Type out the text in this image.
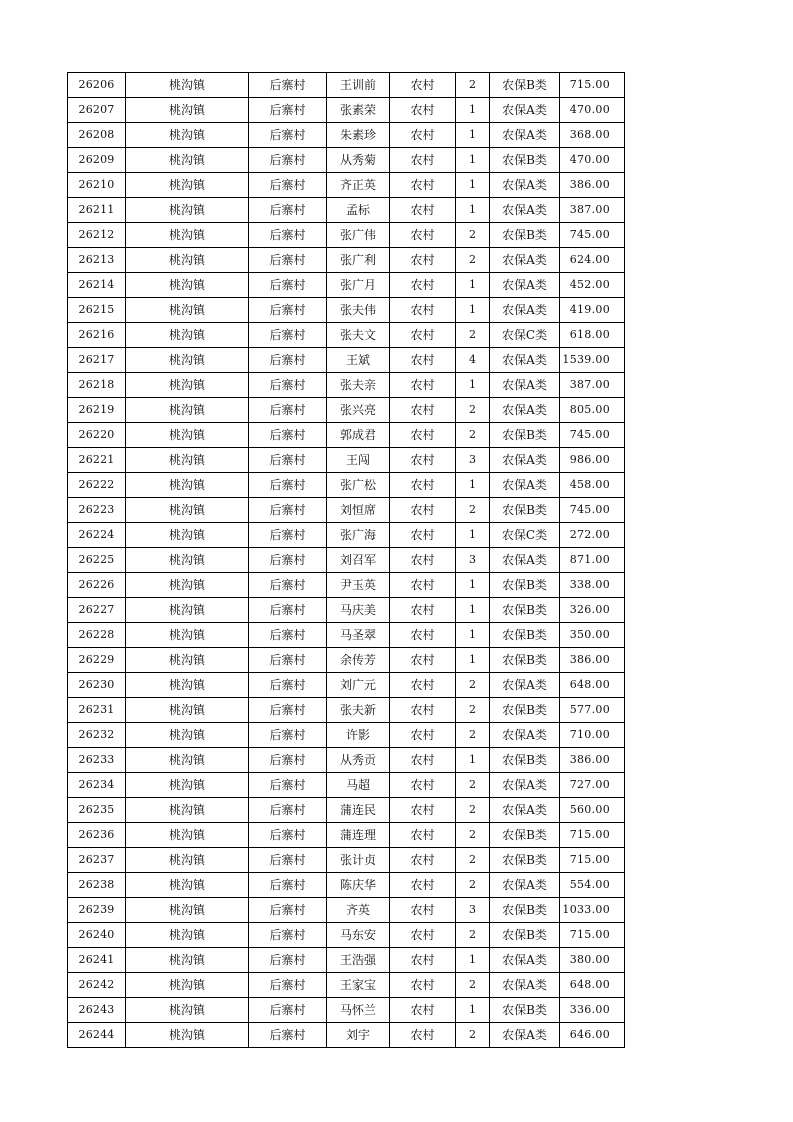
26206	桃沟镇	后寨村	王训前	农村	2	农保B类	715.00
26207	桃沟镇	后寨村	张素荣	农村	1	农保A类	470.00
26208	桃沟镇	后寨村	朱素珍	农村	1	农保A类	368.00
26209	桃沟镇	后寨村	从秀菊	农村	1	农保B类	470.00
26210	桃沟镇	后寨村	齐正英	农村	1	农保A类	386.00
26211	桃沟镇	后寨村	孟标	农村	1	农保A类	387.00
26212	桃沟镇	后寨村	张广伟	农村	2	农保B类	745.00
26213	桃沟镇	后寨村	张广利	农村	2	农保A类	624.00
26214	桃沟镇	后寨村	张广月	农村	1	农保A类	452.00
26215	桃沟镇	后寨村	张夫伟	农村	1	农保A类	419.00
26216	桃沟镇	后寨村	张夫文	农村	2	农保C类	618.00
26217	桃沟镇	后寨村	王斌	农村	4	农保A类	1539.00
26218	桃沟镇	后寨村	张夫亲	农村	1	农保A类	387.00
26219	桃沟镇	后寨村	张兴亮	农村	2	农保A类	805.00
26220	桃沟镇	后寨村	郭成君	农村	2	农保B类	745.00
26221	桃沟镇	后寨村	王闯	农村	3	农保A类	986.00
26222	桃沟镇	后寨村	张广松	农村	1	农保A类	458.00
26223	桃沟镇	后寨村	刘恒席	农村	2	农保B类	745.00
26224	桃沟镇	后寨村	张广海	农村	1	农保C类	272.00
26225	桃沟镇	后寨村	刘召军	农村	3	农保A类	871.00
26226	桃沟镇	后寨村	尹玉英	农村	1	农保B类	338.00
26227	桃沟镇	后寨村	马庆美	农村	1	农保B类	326.00
26228	桃沟镇	后寨村	马圣翠	农村	1	农保B类	350.00
26229	桃沟镇	后寨村	余传芳	农村	1	农保B类	386.00
26230	桃沟镇	后寨村	刘广元	农村	2	农保A类	648.00
26231	桃沟镇	后寨村	张夫新	农村	2	农保B类	577.00
26232	桃沟镇	后寨村	许影	农村	2	农保A类	710.00
26233	桃沟镇	后寨村	从秀贡	农村	1	农保B类	386.00
26234	桃沟镇	后寨村	马超	农村	2	农保A类	727.00
26235	桃沟镇	后寨村	蒲连民	农村	2	农保A类	560.00
26236	桃沟镇	后寨村	蒲连理	农村	2	农保B类	715.00
26237	桃沟镇	后寨村	张计贞	农村	2	农保B类	715.00
26238	桃沟镇	后寨村	陈庆华	农村	2	农保A类	554.00
26239	桃沟镇	后寨村	齐英	农村	3	农保B类	1033.00
26240	桃沟镇	后寨村	马东安	农村	2	农保B类	715.00
26241	桃沟镇	后寨村	王浩强	农村	1	农保A类	380.00
26242	桃沟镇	后寨村	王家宝	农村	2	农保A类	648.00
26243	桃沟镇	后寨村	马怀兰	农村	1	农保B类	336.00
26244	桃沟镇	后寨村	刘宇	农村	2	农保A类	646.00
